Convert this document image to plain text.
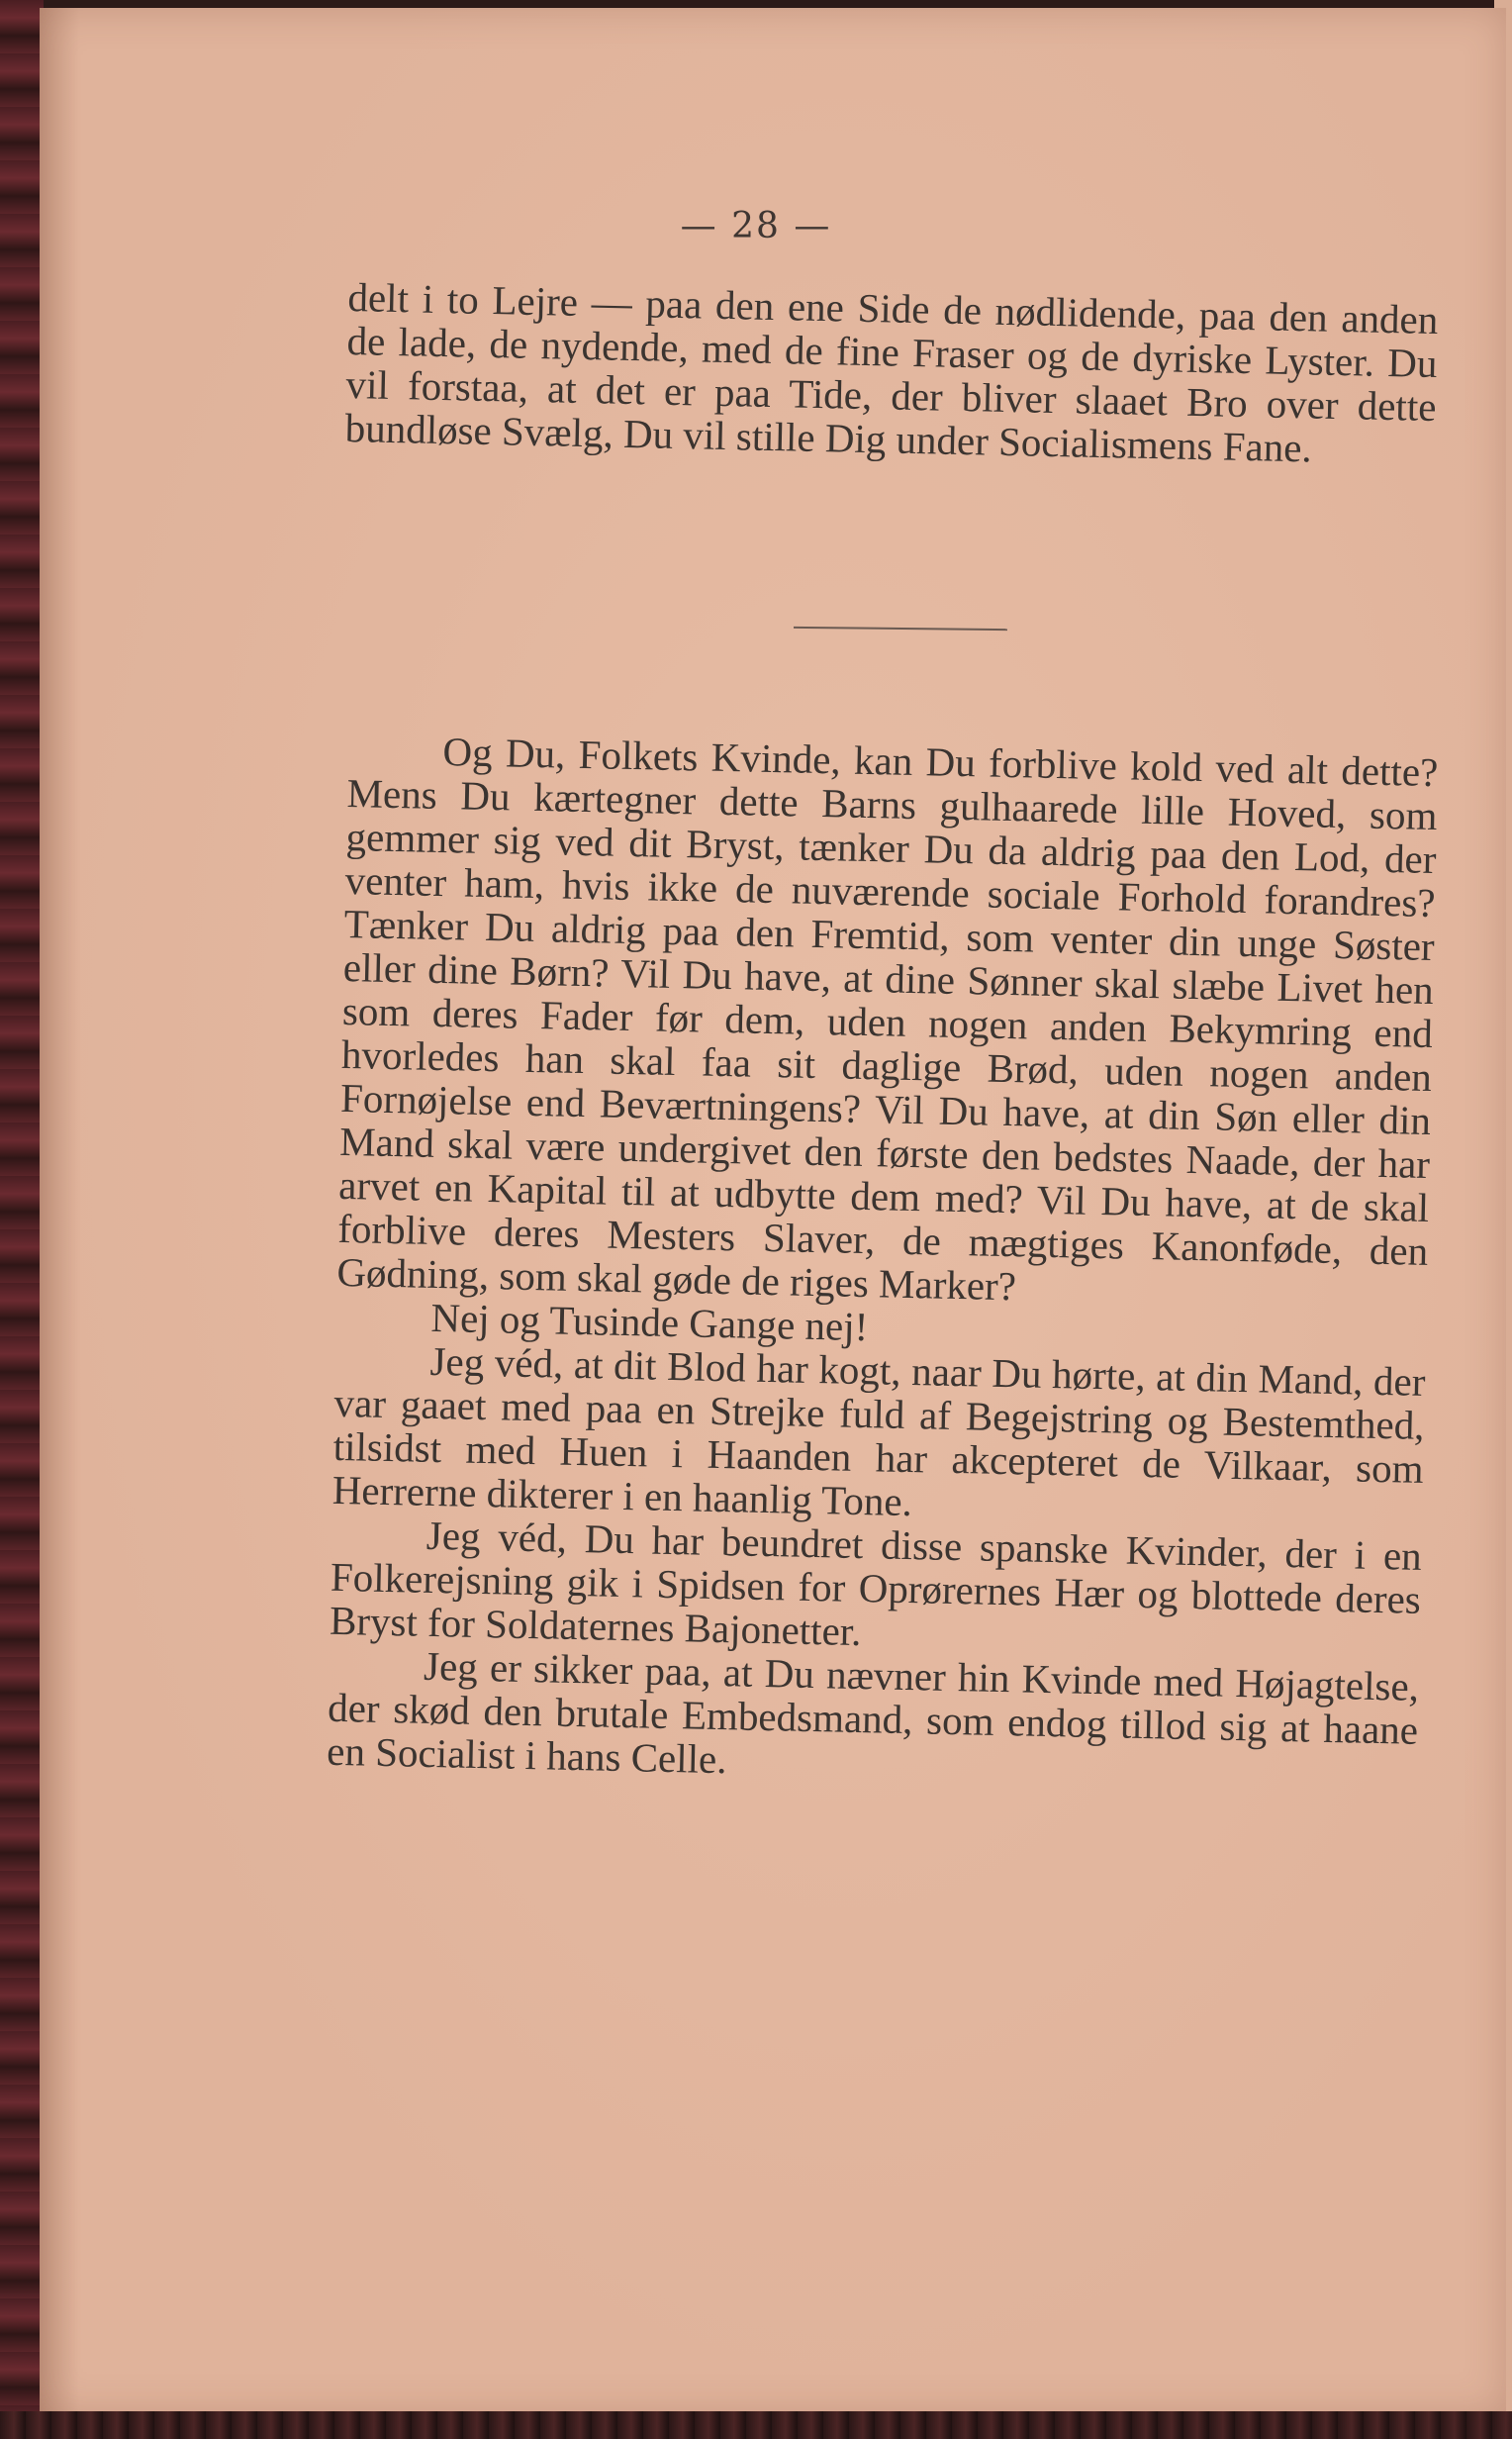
— 28 —

delt i to Lejre — paa den ene Side de nødlidende, paa den anden de lade, de nydende, med de fine Fraser og de dyriske Lyster. Du vil forstaa, at det er paa Tide, der bliver slaaet Bro over dette bundløse Svælg, Du vil stille Dig under Socialismens Fane.

Og Du, Folkets Kvinde, kan Du forblive kold ved alt dette? Mens Du kærtegner dette Barns gulhaarede lille Hoved, som gemmer sig ved dit Bryst, tænker Du da aldrig paa den Lod, der venter ham, hvis ikke de nuværende sociale Forhold forandres? Tænker Du aldrig paa den Fremtid, som venter din unge Søster eller dine Børn? Vil Du have, at dine Sønner skal slæbe Livet hen som deres Fader før dem, uden nogen anden Bekymring end hvorledes han skal faa sit daglige Brød, uden nogen anden Fornøjelse end Beværtningens? Vil Du have, at din Søn eller din Mand skal være undergivet den første den bedstes Naade, der har arvet en Kapital til at udbytte dem med? Vil Du have, at de skal forblive deres Mesters Slaver, de mægtiges Kanonføde, den Gødning, som skal gøde de riges Marker?

Nej og Tusinde Gange nej!

Jeg véd, at dit Blod har kogt, naar Du hørte, at din Mand, der var gaaet med paa en Strejke fuld af Begejstring og Bestemthed, tilsidst med Huen i Haanden har akcepteret de Vilkaar, som Herrerne dikterer i en haanlig Tone.

Jeg véd, Du har beundret disse spanske Kvinder, der i en Folkerejsning gik i Spidsen for Oprørernes Hær og blottede deres Bryst for Soldaternes Bajonetter.

Jeg er sikker paa, at Du nævner hin Kvinde med Højagtelse, der skød den brutale Embedsmand, som endog tillod sig at haane en Socialist i hans Celle.
